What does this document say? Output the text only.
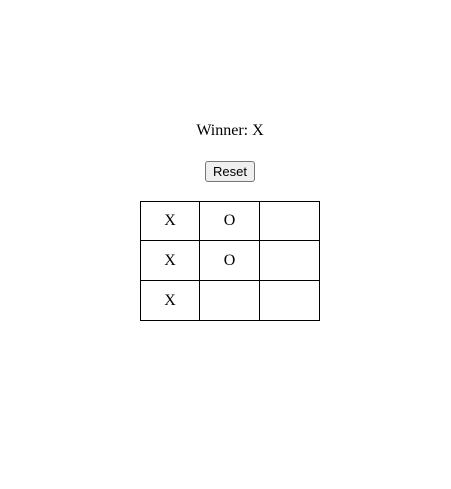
Winner: X
Reset
X	O
X	O
X
